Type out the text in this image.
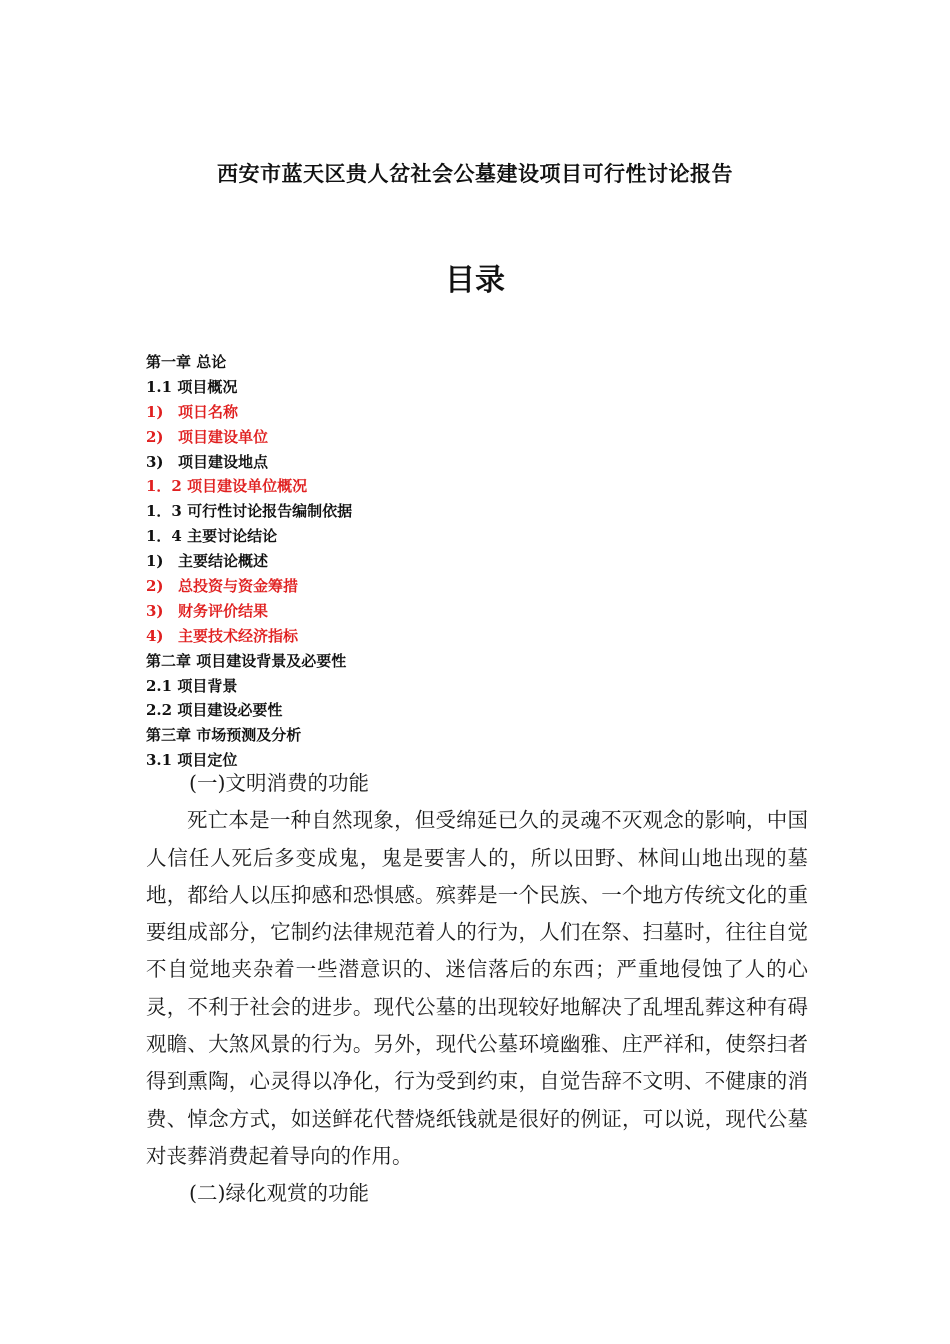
西安市蓝天区贵人岔社会公墓建设项目可行性讨论报告
目录
第一章 总论
1.1 项目概况
1) 项日名称
2) 项目建设单位
3) 项目建设地点
1．2 项目建设单位概况
1．3 可行性讨论报告编制依据
1．4 主要讨论结论
1) 主要结论概述
2) 总投资与资金筹措
3) 财务评价结果
4) 主要技术经济指标
第二章 项目建设背景及必要性
2.1 项目背景
2.2 项目建设必要性
第三章 市场预测及分析
3.1 项目定位

(一)文明消费的功能

死亡本是一种自然现象，但受绵延已久的灵魂不灭观念的影响，中国人信任人死后多变成鬼，鬼是要害人的，所以田野、林间山地出现的墓地，都给人以压抑感和恐惧感。殡葬是一个民族、一个地方传统文化的重要组成部分，它制约法律规范着人的行为，人们在祭、扫墓时，往往自觉不自觉地夹杂着一些潜意识的、迷信落后的东西；严重地侵蚀了人的心灵，不利于社会的进步。现代公墓的出现较好地解决了乱埋乱葬这种有碍观瞻、大煞风景的行为。另外，现代公墓环境幽雅、庄严祥和，使祭扫者得到熏陶，心灵得以净化，行为受到约束，自觉告辞不文明、不健康的消费、悼念方式，如送鲜花代替烧纸钱就是很好的例证，可以说，现代公墓对丧葬消费起着导向的作用。

(二)绿化观赏的功能
